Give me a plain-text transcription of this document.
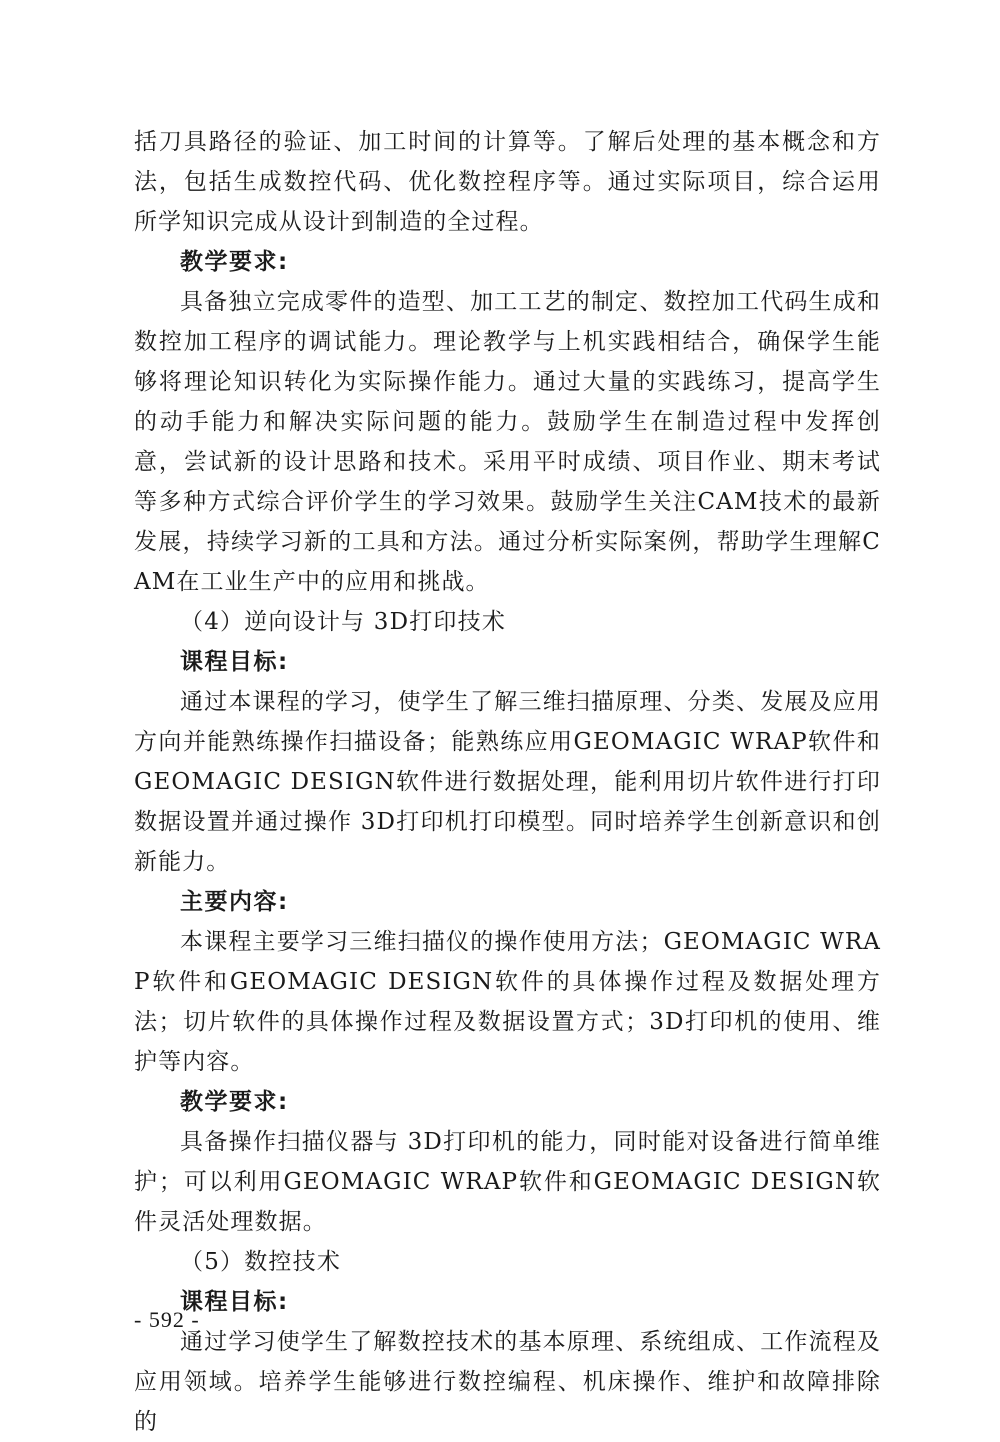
括刀具路径的验证、加工时间的计算等。了解后处理的基本概念和方法，包括生成数控代码、优化数控程序等。通过实际项目，综合运用所学知识完成从设计到制造的全过程。

教学要求:

具备独立完成零件的造型、加工工艺的制定、数控加工代码生成和数控加工程序的调试能力。理论教学与上机实践相结合，确保学生能够将理论知识转化为实际操作能力。通过大量的实践练习，提高学生的动手能力和解决实际问题的能力。鼓励学生在制造过程中发挥创意，尝试新的设计思路和技术。采用平时成绩、项目作业、期末考试等多种方式综合评价学生的学习效果。鼓励学生关注CAM技术的最新发展，持续学习新的工具和方法。通过分析实际案例，帮助学生理解CAM在工业生产中的应用和挑战。

（4）逆向设计与 3D打印技术

课程目标:

通过本课程的学习，使学生了解三维扫描原理、分类、发展及应用方向并能熟练操作扫描设备；能熟练应用GEOMAGIC WRAP软件和GEOMAGIC DESIGN软件进行数据处理，能利用切片软件进行打印数据设置并通过操作 3D打印机打印模型。同时培养学生创新意识和创新能力。

主要内容:

本课程主要学习三维扫描仪的操作使用方法；GEOMAGIC WRAP软件和GEOMAGIC DESIGN软件的具体操作过程及数据处理方法；切片软件的具体操作过程及数据设置方式；3D打印机的使用、维护等内容。

教学要求:

具备操作扫描仪器与 3D打印机的能力，同时能对设备进行简单维护；可以利用GEOMAGIC WRAP软件和GEOMAGIC DESIGN软件灵活处理数据。

（5）数控技术

课程目标:

通过学习使学生了解数控技术的基本原理、系统组成、工作流程及应用领域。培养学生能够进行数控编程、机床操作、维护和故障排除的

- 592 -
